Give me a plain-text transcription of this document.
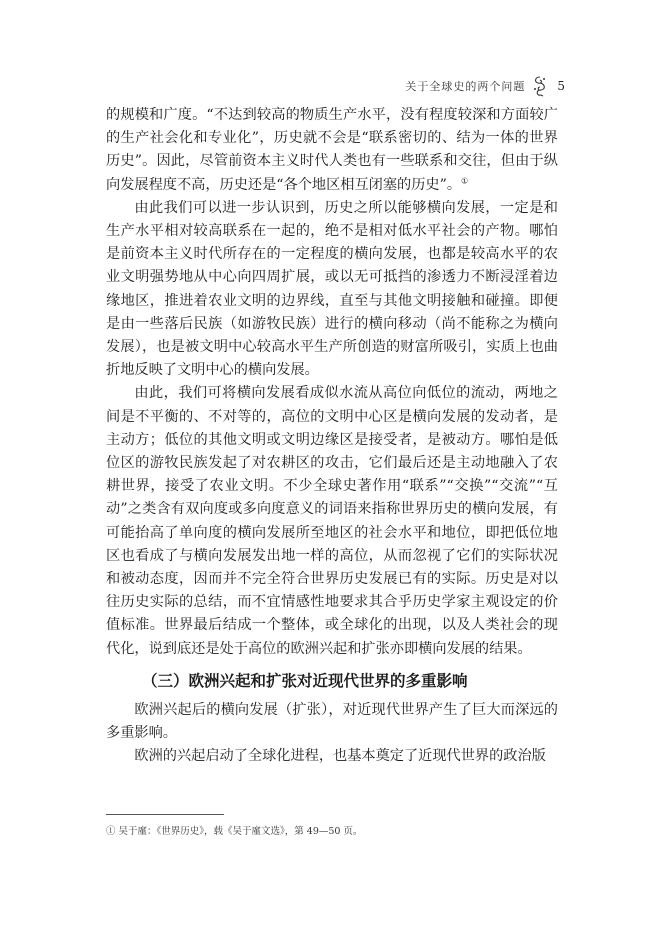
关于全球史的两个问题	5

的规模和广度。“不达到较高的物质生产水平，没有程度较深和方面较广的生产社会化和专业化”，历史就不会是“联系密切的、结为一体的世界历史”。因此，尽管前资本主义时代人类也有一些联系和交往，但由于纵向发展程度不高，历史还是“各个地区相互闭塞的历史”。①

由此我们可以进一步认识到，历史之所以能够横向发展，一定是和生产水平相对较高联系在一起的，绝不是相对低水平社会的产物。哪怕是前资本主义时代所存在的一定程度的横向发展，也都是较高水平的农业文明强势地从中心向四周扩展，或以无可抵挡的渗透力不断浸淫着边缘地区，推进着农业文明的边界线，直至与其他文明接触和碰撞。即便是由一些落后民族（如游牧民族）进行的横向移动（尚不能称之为横向发展），也是被文明中心较高水平生产所创造的财富所吸引，实质上也曲折地反映了文明中心的横向发展。

由此，我们可将横向发展看成似水流从高位向低位的流动，两地之间是不平衡的、不对等的，高位的文明中心区是横向发展的发动者，是主动方；低位的其他文明或文明边缘区是接受者，是被动方。哪怕是低位区的游牧民族发起了对农耕区的攻击，它们最后还是主动地融入了农耕世界，接受了农业文明。不少全球史著作用“联系”“交换”“交流”“互动”之类含有双向度或多向度意义的词语来指称世界历史的横向发展，有可能抬高了单向度的横向发展所至地区的社会水平和地位，即把低位地区也看成了与横向发展发出地一样的高位，从而忽视了它们的实际状况和被动态度，因而并不完全符合世界历史发展已有的实际。历史是对以往历史实际的总结，而不宜情感性地要求其合乎历史学家主观设定的价值标准。世界最后结成一个整体，或全球化的出现，以及人类社会的现代化，说到底还是处于高位的欧洲兴起和扩张亦即横向发展的结果。

（三）欧洲兴起和扩张对近现代世界的多重影响

欧洲兴起后的横向发展（扩张），对近现代世界产生了巨大而深远的多重影响。

欧洲的兴起启动了全球化进程，也基本奠定了近现代世界的政治版

① 吴于廑：《世界历史》，载《吴于廑文选》，第 49—50 页。
